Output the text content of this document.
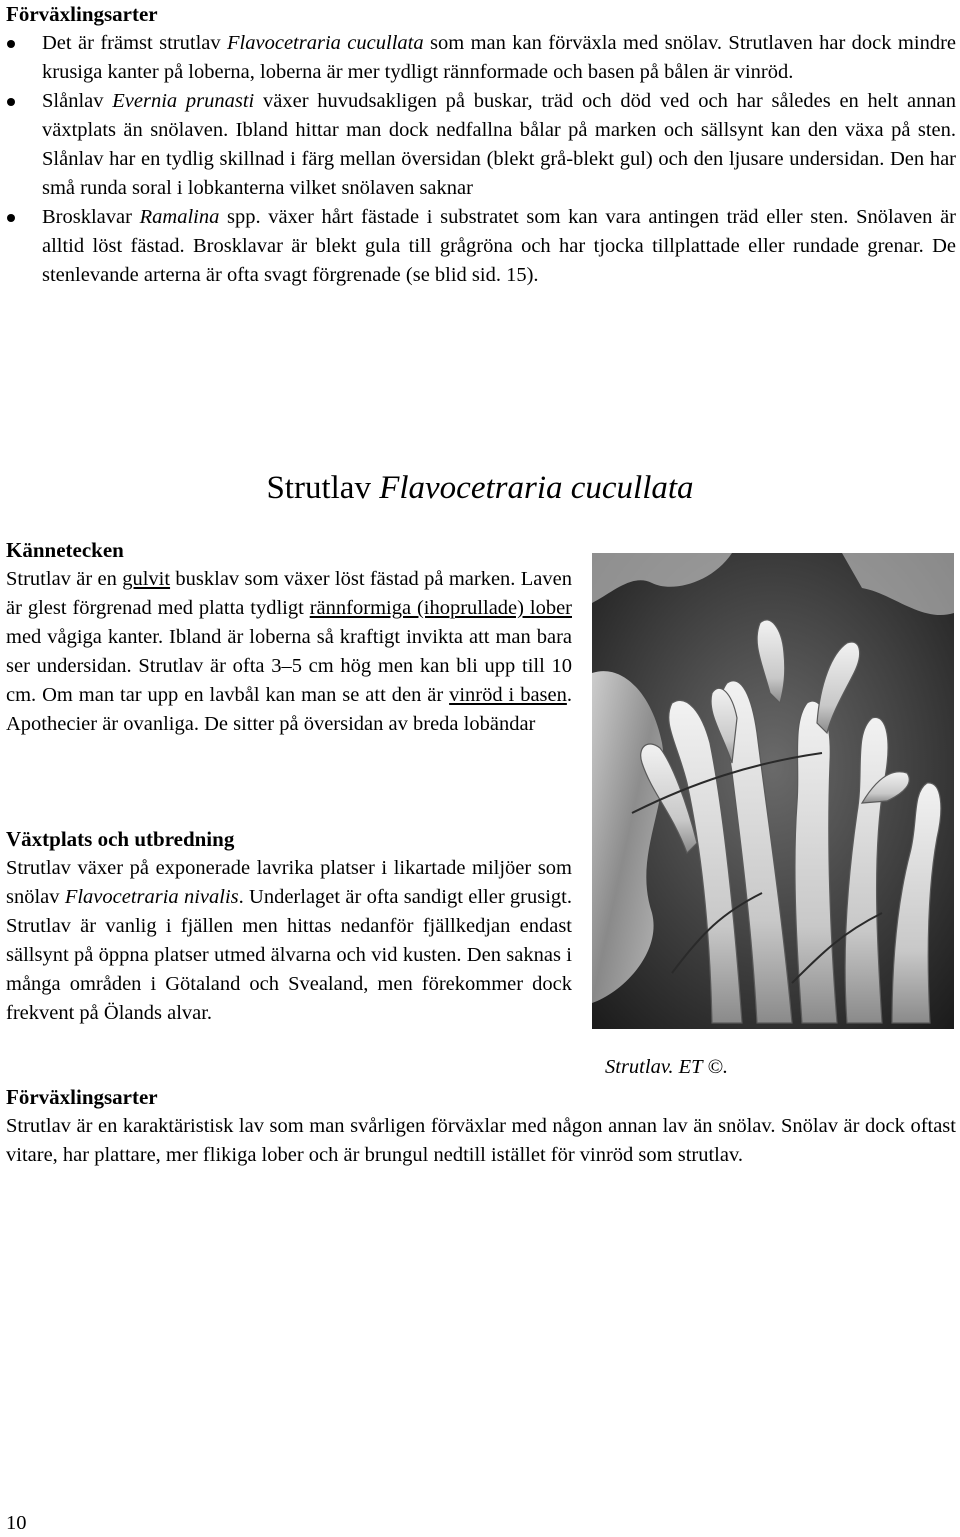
Förväxlingsarter
Det är främst strutlav Flavocetraria cucullata som man kan förväxla med snölav. Strutlaven har dock mindre krusiga kanter på loberna, loberna är mer tydligt rännformade och basen på bålen är vinröd.
Slånlav Evernia prunasti växer huvudsakligen på buskar, träd och död ved och har således en helt annan växtplats än snölaven. Ibland hittar man dock nedfallna bålar på marken och sällsynt kan den växa på sten. Slånlav har en tydlig skillnad i färg mellan översidan (blekt grå-blekt gul) och den ljusare undersidan. Den har små runda soral i lobkanterna vilket snölaven saknar
Brosklavar Ramalina spp. växer hårt fästade i substratet som kan vara antingen träd eller sten. Snölaven är alltid löst fästad. Brosklavar är blekt gula till grågröna och har tjocka tillplattade eller rundade grenar. De stenlevande arterna är ofta svagt förgrenade (se blid sid. 15).
Strutlav Flavocetraria cucullata
Kännetecken
Strutlav är en gulvit busklav som växer löst fästad på marken. Laven är glest förgrenad med platta tydligt rännformiga (ihoprullade) lober med vågiga kanter. Ibland är loberna så kraftigt invikta att man bara ser undersidan. Strutlav är ofta 3–5 cm hög men kan bli upp till 10 cm. Om man tar upp en lavbål kan man se att den är vinröd i basen. Apothecier är ovanliga. De sitter på översidan av breda lobändar
Växtplats och utbredning
Strutlav växer på exponerade lavrika platser i likartade miljöer som snölav Flavocetraria nivalis. Underlaget är ofta sandigt eller grusigt. Strutlav är vanlig i fjällen men hittas nedanför fjällkedjan endast sällsynt på öppna platser utmed älvarna och vid kusten. Den saknas i många områden i Götaland och Svealand, men förekommer dock frekvent på Ölands alvar.
Strutlav. ET ©.
Förväxlingsarter
Strutlav är en karaktäristisk lav som man svårligen förväxlar med någon annan lav än snölav. Snölav är dock oftast vitare, har plattare, mer flikiga lober och är brungul nedtill istället för vinröd som strutlav.
10
